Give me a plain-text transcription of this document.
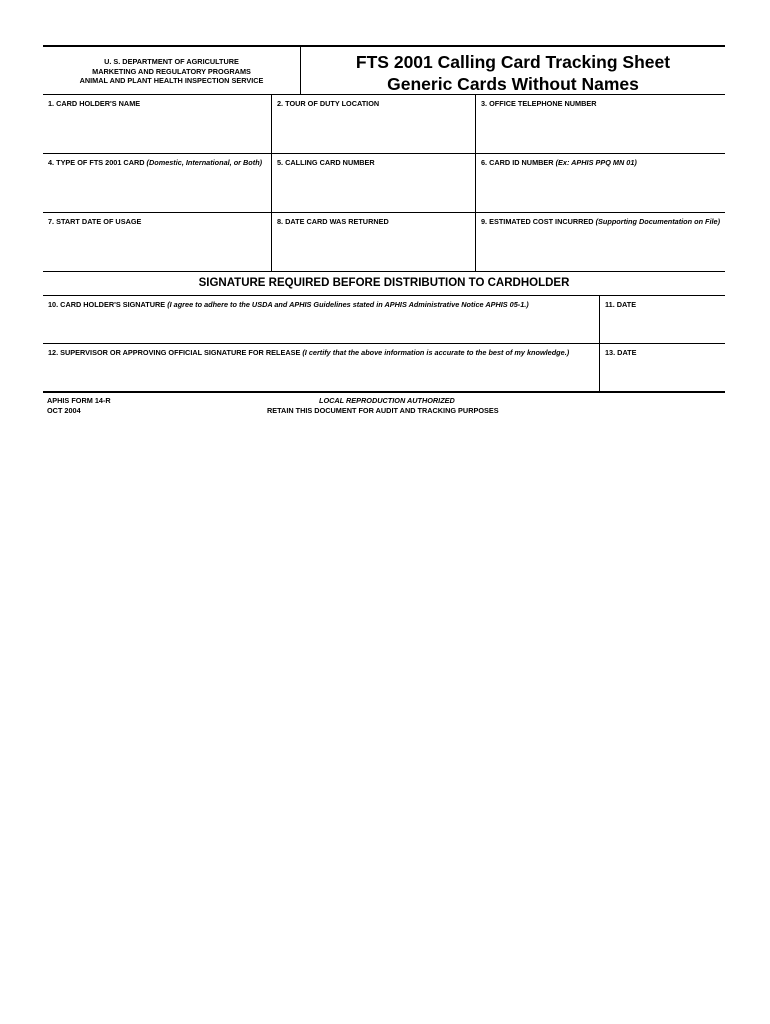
U. S. DEPARTMENT OF AGRICULTURE
MARKETING AND REGULATORY PROGRAMS
ANIMAL AND PLANT HEALTH INSPECTION SERVICE
FTS 2001 Calling Card Tracking Sheet
Generic Cards Without Names
1. CARD HOLDER'S NAME	2. TOUR OF DUTY LOCATION	3. OFFICE TELEPHONE NUMBER
4. TYPE OF FTS 2001 CARD (Domestic, International, or Both)	5. CALLING CARD NUMBER	6. CARD ID NUMBER (Ex: APHIS PPQ MN 01)
7. START DATE OF USAGE	8. DATE CARD WAS RETURNED	9. ESTIMATED COST INCURRED (Supporting Documentation on File)
SIGNATURE REQUIRED BEFORE DISTRIBUTION TO CARDHOLDER
10. CARD HOLDER'S SIGNATURE (I agree to adhere to the USDA and APHIS Guidelines stated in APHIS Administrative Notice APHIS 05-1.)	11. DATE
12. SUPERVISOR OR APPROVING OFFICIAL SIGNATURE FOR RELEASE (I certify that the above information is accurate to the best of my knowledge.)	13. DATE
APHIS FORM 14-R
OCT 2004
LOCAL REPRODUCTION AUTHORIZED
RETAIN THIS DOCUMENT FOR AUDIT AND TRACKING PURPOSES
